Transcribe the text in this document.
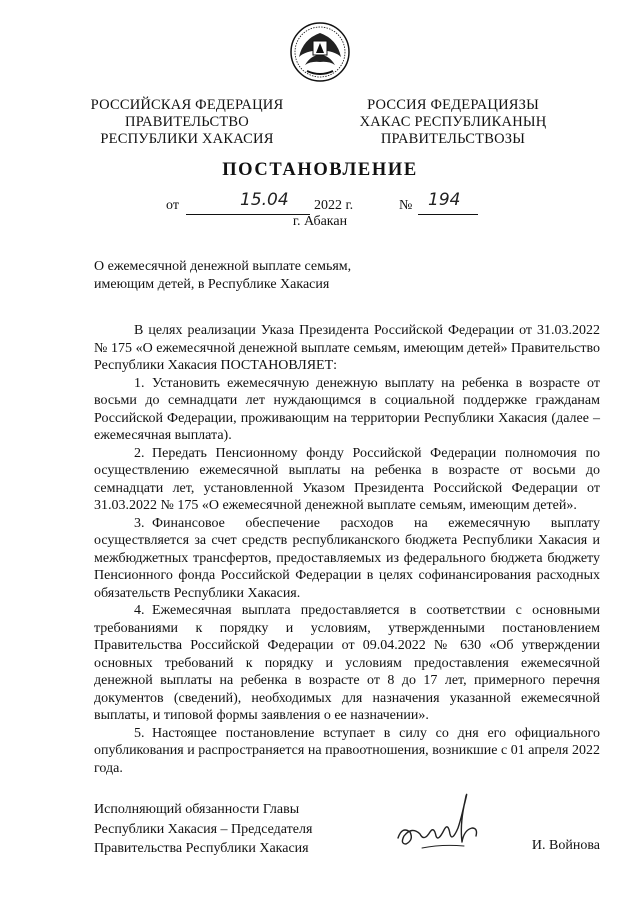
РОССИЙСКАЯ ФЕДЕРАЦИЯ
ПРАВИТЕЛЬСТВО
РЕСПУБЛИКИ ХАКАСИЯ
РОССИЯ ФЕДЕРАЦИЯЗЫ
ХАКАС РЕСПУБЛИКАНЫҢ
ПРАВИТЕЛЬСТВОЗЫ
ПОСТАНОВЛЕНИЕ
от	15.04 2022 г.	№ 194
г. Абакан
О ежемесячной денежной выплате семьям,
имеющим детей, в Республике Хакасия

В целях реализации Указа Президента Российской Федерации от 31.03.2022 № 175 «О ежемесячной денежной выплате семьям, имеющим детей» Правительство Республики Хакасия ПОСТАНОВЛЯЕТ:

1. Установить ежемесячную денежную выплату на ребенка в возрасте от восьми до семнадцати лет нуждающимся в социальной поддержке гражданам Российской Федерации, проживающим на территории Республики Хакасия (далее – ежемесячная выплата).

2. Передать Пенсионному фонду Российской Федерации полномочия по осуществлению ежемесячной выплаты на ребенка в возрасте от восьми до семнадцати лет, установленной Указом Президента Российской Федерации от 31.03.2022 № 175 «О ежемесячной денежной выплате семьям, имеющим детей».

3. Финансовое обеспечение расходов на ежемесячную выплату осуществляется за счет средств республиканского бюджета Республики Хакасия и межбюджетных трансфертов, предоставляемых из федерального бюджета бюджету Пенсионного фонда Российской Федерации в целях софинансирования расходных обязательств Республики Хакасия.

4. Ежемесячная выплата предоставляется в соответствии с основными требованиями к порядку и условиям, утвержденными постановлением Правительства Российской Федерации от 09.04.2022 № 630 «Об утверждении основных требований к порядку и условиям предоставления ежемесячной денежной выплаты на ребенка в возрасте от 8 до 17 лет, примерного перечня документов (сведений), необходимых для назначения указанной ежемесячной выплаты, и типовой формы заявления о ее назначении».

5. Настоящее постановление вступает в силу со дня его официального опубликования и распространяется на правоотношения, возникшие с 01 апреля 2022 года.

Исполняющий обязанности Главы
Республики Хакасия – Председателя
Правительства Республики Хакасия	И. Войнова
